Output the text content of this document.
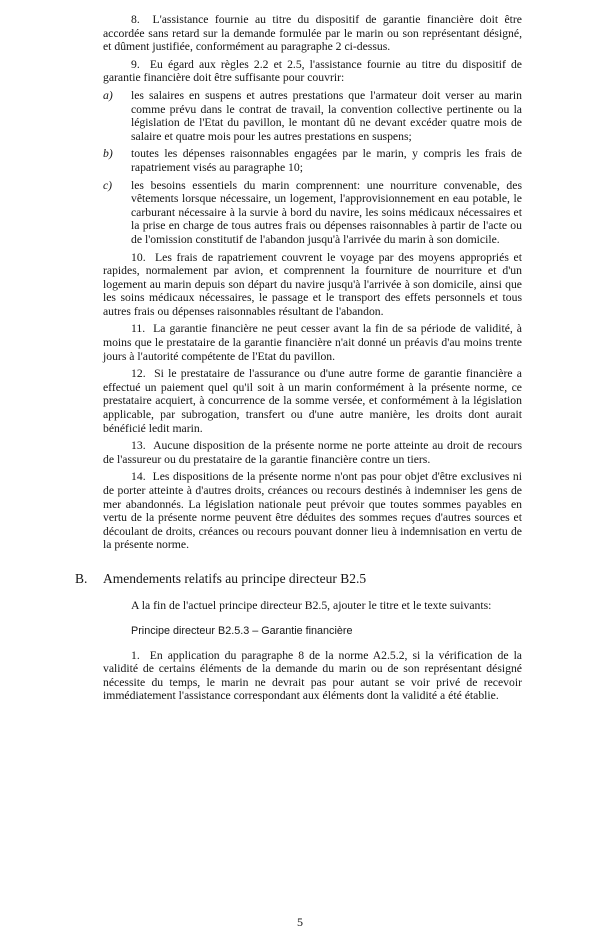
8.  L'assistance fournie au titre du dispositif de garantie financière doit être accordée sans retard sur la demande formulée par le marin ou son représentant désigné, et dûment justifiée, conformément au paragraphe 2 ci-dessus.

9.  Eu égard aux règles 2.2 et 2.5, l'assistance fournie au titre du dispositif de garantie financière doit être suffisante pour couvrir:

a) les salaires en suspens et autres prestations que l'armateur doit verser au marin comme prévu dans le contrat de travail, la convention collective pertinente ou la législation de l'Etat du pavillon, le montant dû ne devant excéder quatre mois de salaire et quatre mois pour les autres prestations en suspens;
b) toutes les dépenses raisonnables engagées par le marin, y compris les frais de rapatriement visés au paragraphe 10;
c) les besoins essentiels du marin comprennent: une nourriture convenable, des vêtements lorsque nécessaire, un logement, l'approvisionnement en eau potable, le carburant nécessaire à la survie à bord du navire, les soins médicaux nécessaires et la prise en charge de tous autres frais ou dépenses raisonnables à partir de l'acte ou de l'omission constitutif de l'abandon jusqu'à l'arrivée du marin à son domicile.

10.  Les frais de rapatriement couvrent le voyage par des moyens appropriés et rapides, normalement par avion, et comprennent la fourniture de nourriture et d'un logement au marin depuis son départ du navire jusqu'à l'arrivée à son domicile, ainsi que les soins médicaux nécessaires, le passage et le transport des effets personnels et tous autres frais ou dépenses raisonnables résultant de l'abandon.

11.  La garantie financière ne peut cesser avant la fin de sa période de validité, à moins que le prestataire de la garantie financière n'ait donné un préavis d'au moins trente jours à l'autorité compétente de l'Etat du pavillon.

12.  Si le prestataire de l'assurance ou d'une autre forme de garantie financière a effectué un paiement quel qu'il soit à un marin conformément à la présente norme, ce prestataire acquiert, à concurrence de la somme versée, et conformément à la législation applicable, par subrogation, transfert ou d'une autre manière, les droits dont aurait bénéficié ledit marin.

13.  Aucune disposition de la présente norme ne porte atteinte au droit de recours de l'assureur ou du prestataire de la garantie financière contre un tiers.

14.  Les dispositions de la présente norme n'ont pas pour objet d'être exclusives ni de porter atteinte à d'autres droits, créances ou recours destinés à indemniser les gens de mer abandonnés. La législation nationale peut prévoir que toutes sommes payables en vertu de la présente norme peuvent être déduites des sommes reçues d'autres sources et découlant de droits, créances ou recours pouvant donner lieu à indemnisation en vertu de la présente norme.

B. Amendements relatifs au principe directeur B2.5

A la fin de l'actuel principe directeur B2.5, ajouter le titre et le texte suivants:

Principe directeur B2.5.3 – Garantie financière

1.  En application du paragraphe 8 de la norme A2.5.2, si la vérification de la validité de certains éléments de la demande du marin ou de son représentant désigné nécessite du temps, le marin ne devrait pas pour autant se voir privé de recevoir immédiatement l'assistance correspondant aux éléments dont la validité a été établie.

5
